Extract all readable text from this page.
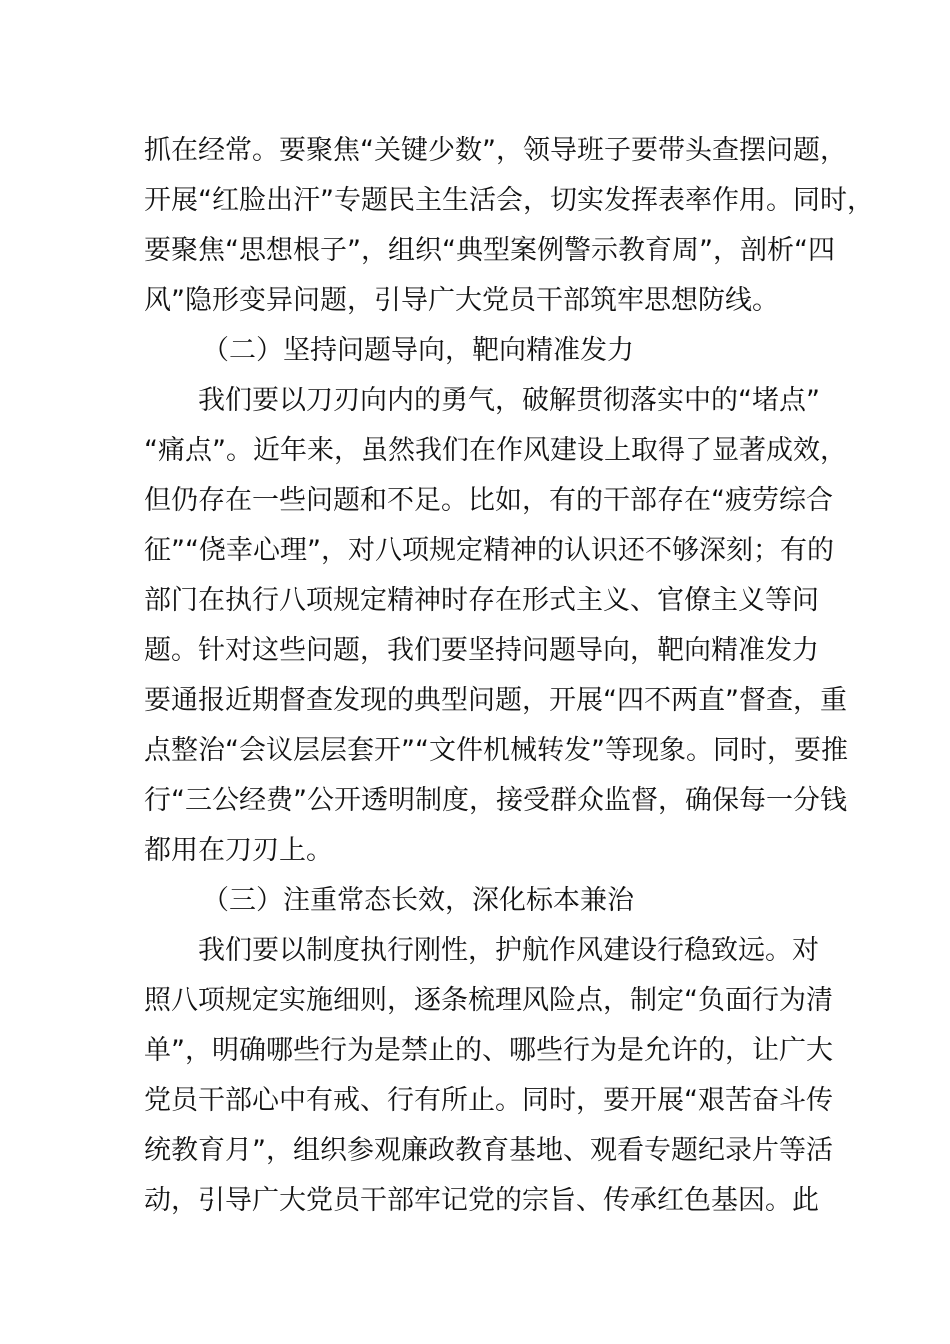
抓在经常。要聚焦“关键少数”，领导班子要带头查摆问题，
开展“红脸出汗”专题民主生活会，切实发挥表率作用。同时，
要聚焦“思想根子”，组织“典型案例警示教育周”，剖析“四
风”隐形变异问题，引导广大党员干部筑牢思想防线。
（二）坚持问题导向，靶向精准发力
我们要以刀刃向内的勇气，破解贯彻落实中的“堵点”
“痛点”。近年来，虽然我们在作风建设上取得了显著成效，
但仍存在一些问题和不足。比如，有的干部存在“疲劳综合
征”“侥幸心理”，对八项规定精神的认识还不够深刻；有的
部门在执行八项规定精神时存在形式主义、官僚主义等问
题。针对这些问题，我们要坚持问题导向，靶向精准发力
要通报近期督查发现的典型问题，开展“四不两直”督查，重
点整治“会议层层套开”“文件机械转发”等现象。同时，要推
行“三公经费”公开透明制度，接受群众监督，确保每一分钱
都用在刀刃上。
（三）注重常态长效，深化标本兼治
我们要以制度执行刚性，护航作风建设行稳致远。对
照八项规定实施细则，逐条梳理风险点，制定“负面行为清
单”，明确哪些行为是禁止的、哪些行为是允许的，让广大
党员干部心中有戒、行有所止。同时，要开展“艰苦奋斗传
统教育月”，组织参观廉政教育基地、观看专题纪录片等活
动，引导广大党员干部牢记党的宗旨、传承红色基因。此
